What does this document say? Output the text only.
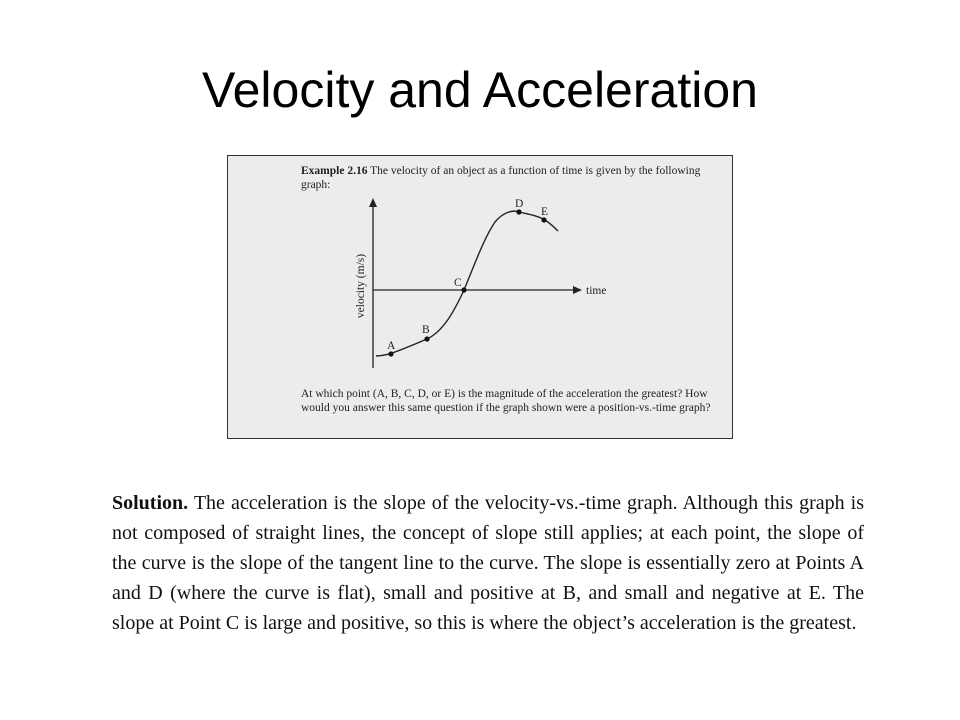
Velocity and Acceleration
Example 2.16 The velocity of an object as a function of time is given by the following graph:
velocity (m/s)	time
A
B
C
D
E
At which point (A, B, C, D, or E) is the magnitude of the acceleration the greatest? How would you answer this same question if the graph shown were a position-vs.-time graph?
Solution. The acceleration is the slope of the velocity-vs.-time graph. Although this graph is not composed of straight lines, the concept of slope still applies; at each point, the slope of the curve is the slope of the tangent line to the curve. The slope is essentially zero at Points A and D (where the curve is flat), small and positive at B, and small and negative at E. The slope at Point C is large and positive, so this is where the object’s acceleration is the greatest.
